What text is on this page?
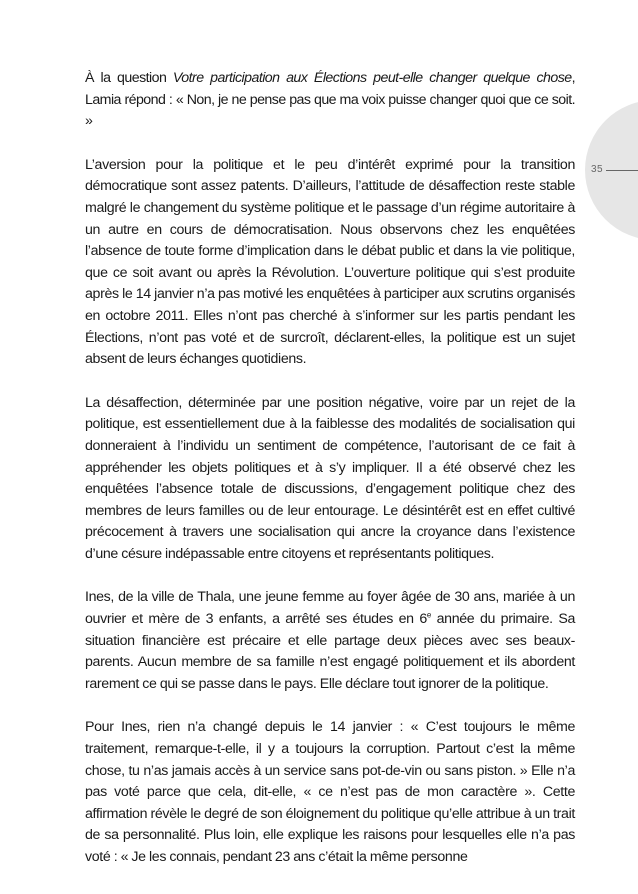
35

À la question Votre participation aux Élections peut-elle changer quelque chose, Lamia répond : « Non, je ne pense pas que ma voix puisse changer quoi que ce soit. »

L’aversion pour la politique et le peu d’intérêt exprimé pour la transition démocratique sont assez patents. D’ailleurs, l’attitude de désaffection reste stable malgré le changement du système politique et le passage d’un régime autoritaire à un autre en cours de démocratisation. Nous observons chez les enquêtées l’absence de toute forme d’implication dans le débat public et dans la vie politique, que ce soit avant ou après la Révolution. L’ouverture politique qui s’est produite après le 14 janvier n’a pas motivé les enquêtées à participer aux scrutins organisés en octobre 2011. Elles n’ont pas cherché à s’informer sur les partis pendant les Élections, n’ont pas voté et de surcroît, déclarent-elles, la politique est un sujet absent de leurs échanges quotidiens.

La désaffection, déterminée par une position négative, voire par un rejet de la politique, est essentiellement due à la faiblesse des modalités de socialisation qui donneraient à l’individu un sentiment de compétence, l’autorisant de ce fait à appréhender les objets politiques et à s’y impliquer. Il a été observé chez les enquêtées l’absence totale de discussions, d’engagement politique chez des membres de leurs familles ou de leur entourage. Le désintérêt est en effet cultivé précocement à travers une socialisation qui ancre la croyance dans l’existence d’une césure indépassable entre citoyens et représentants politiques.

Ines, de la ville de Thala, une jeune femme au foyer âgée de 30 ans, mariée à un ouvrier et mère de 3 enfants, a arrêté ses études en 6e année du primaire. Sa situation financière est précaire et elle partage deux pièces avec ses beaux-parents. Aucun membre de sa famille n’est engagé politiquement et ils abordent rarement ce qui se passe dans le pays. Elle déclare tout ignorer de la politique.

Pour Ines, rien n’a changé depuis le 14 janvier : « C’est toujours le même traitement, remarque-t-elle, il y a toujours la corruption. Partout c’est la même chose, tu n’as jamais accès à un service sans pot-de-vin ou sans piston. » Elle n’a pas voté parce que cela, dit-elle, « ce n’est pas de mon caractère ». Cette affirmation révèle le degré de son éloignement du politique qu’elle attribue à un trait de sa personnalité. Plus loin, elle explique les raisons pour lesquelles elle n’a pas voté : « Je les connais, pendant 23 ans c’était la même personne
